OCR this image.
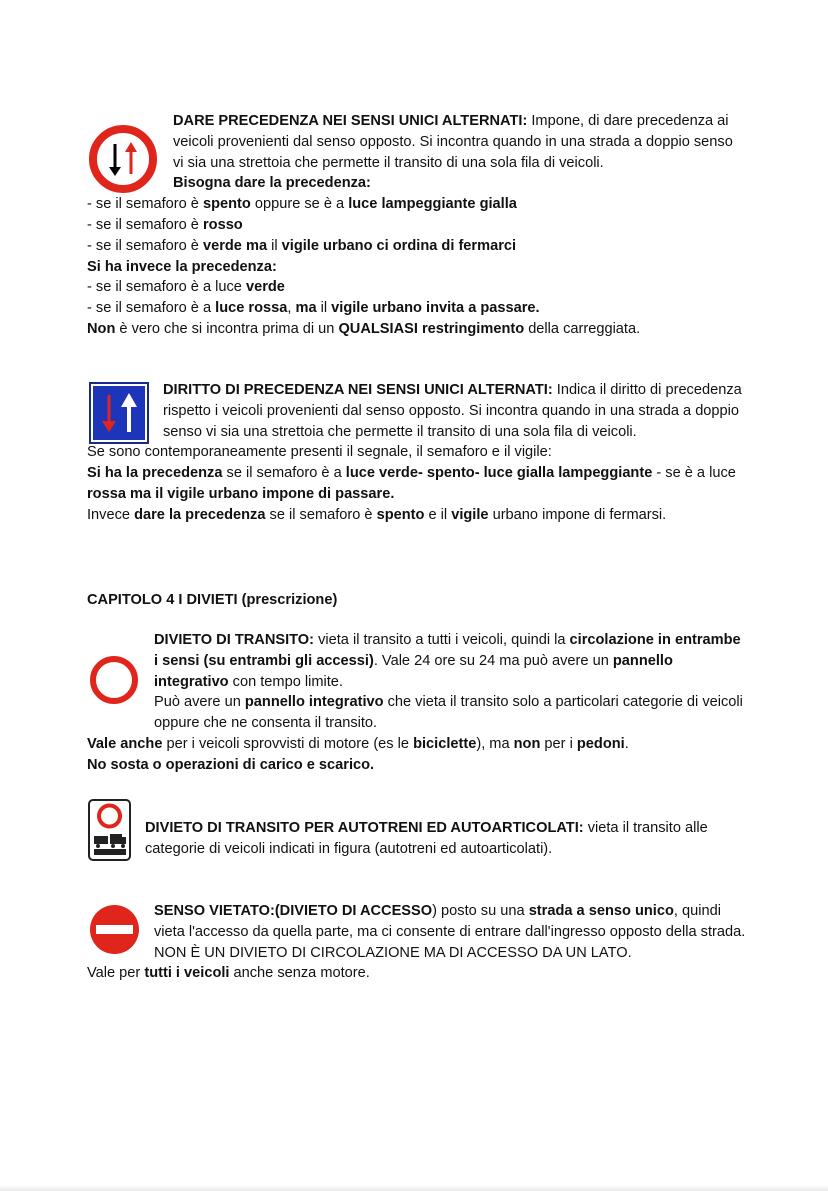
DARE PRECEDENZA NEI SENSI UNICI ALTERNATI: Impone, di dare precedenza ai veicoli provenienti dal senso opposto. Si incontra quando in una strada a doppio senso vi sia una strettoia che permette il transito di una sola fila di veicoli.

Bisogna dare la precedenza:

- se il semaforo è spento oppure se è a luce lampeggiante gialla

- se il semaforo è rosso

- se il semaforo è verde ma il vigile urbano ci ordina di fermarci

Si ha invece la precedenza:

- se il semaforo è a luce verde

- se il semaforo è a luce rossa, ma il vigile urbano invita a passare.

Non è vero che si incontra prima di un QUALSIASI restringimento della carreggiata.

DIRITTO DI PRECEDENZA NEI SENSI UNICI ALTERNATI: Indica il diritto di precedenza rispetto i veicoli provenienti dal senso opposto. Si incontra quando in una strada a doppio senso vi sia una strettoia che permette il transito di una sola fila di veicoli.

Se sono contemporaneamente presenti il segnale, il semaforo e il vigile:

Si ha la precedenza se il semaforo è a luce verde- spento- luce gialla lampeggiante - se è a luce rossa ma il vigile urbano impone di passare.

Invece dare la precedenza se il semaforo è spento e il vigile urbano impone di fermarsi.

CAPITOLO 4 I DIVIETI (prescrizione)

DIVIETO DI TRANSITO: vieta il transito a tutti i veicoli, quindi la circolazione in entrambe i sensi (su entrambi gli accessi). Vale 24 ore su 24 ma può avere un pannello integrativo con tempo limite.

Può avere un pannello integrativo che vieta il transito solo a particolari categorie di veicoli oppure che ne consenta il transito.

Vale anche per i veicoli sprovvisti di motore (es le biciclette), ma non per i pedoni.

No sosta o operazioni di carico e scarico.

DIVIETO DI TRANSITO PER AUTOTRENI ED AUTOARTICOLATI: vieta il transito alle categorie di veicoli indicati in figura (autotreni ed autoarticolati).

SENSO VIETATO:(DIVIETO DI ACCESSO) posto su una strada a senso unico, quindi vieta l'accesso da quella parte, ma ci consente di entrare dall'ingresso opposto della strada.

NON È UN DIVIETO DI CIRCOLAZIONE MA DI ACCESSO DA UN LATO.

Vale per tutti i veicoli anche senza motore.
